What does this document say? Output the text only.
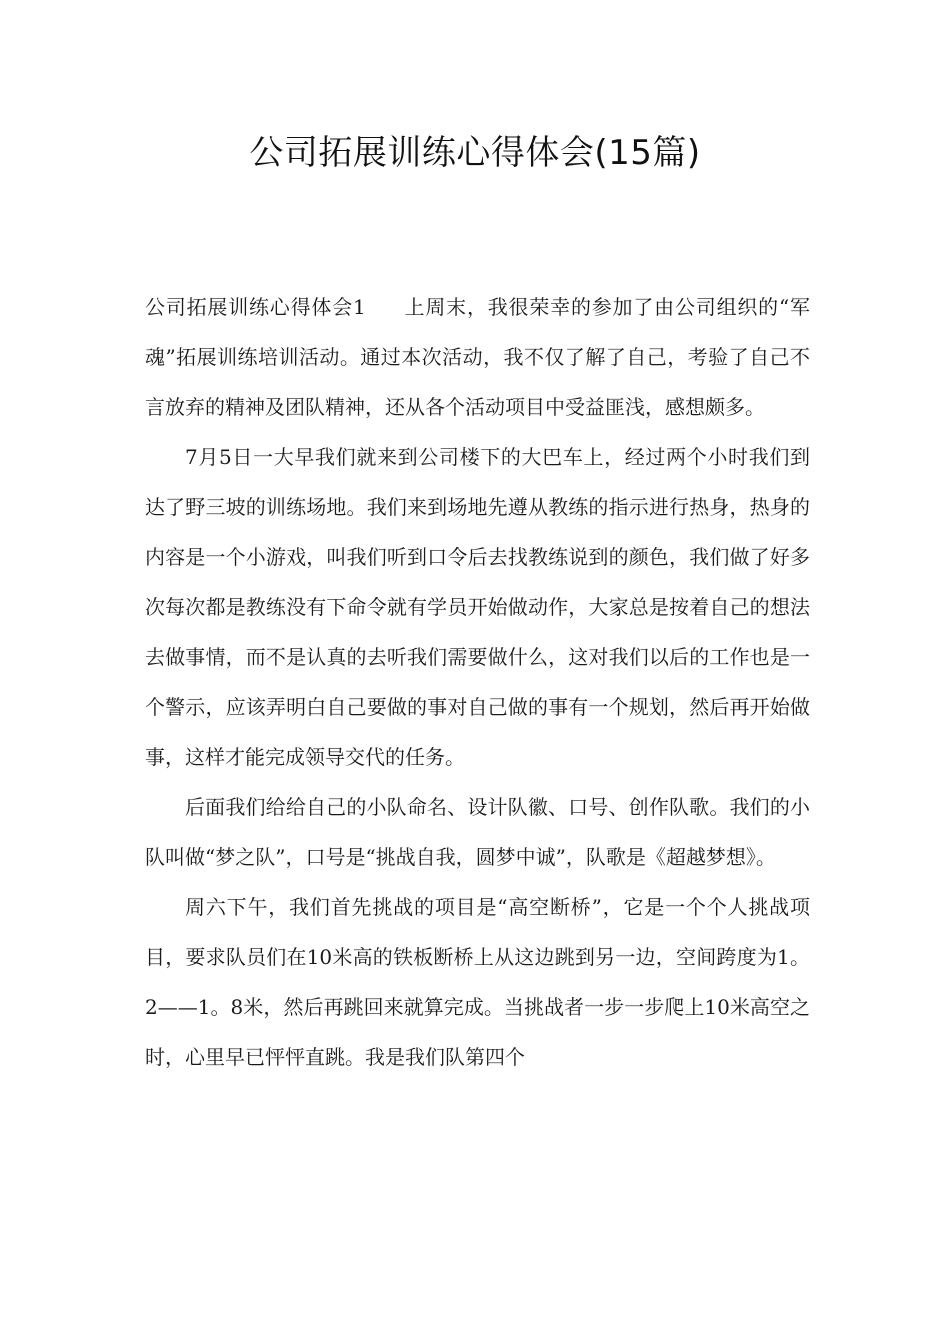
公司拓展训练心得体会(15篇)

公司拓展训练心得体会1 上周末，我很荣幸的参加了由公司组织的“军魂”拓展训练培训活动。通过本次活动，我不仅了解了自己，考验了自己不言放弃的精神及团队精神，还从各个活动项目中受益匪浅，感想颇多。

7月5日一大早我们就来到公司楼下的大巴车上，经过两个小时我们到达了野三坡的训练场地。我们来到场地先遵从教练的指示进行热身，热身的内容是一个小游戏，叫我们听到口令后去找教练说到的颜色，我们做了好多次每次都是教练没有下命令就有学员开始做动作，大家总是按着自己的想法去做事情，而不是认真的去听我们需要做什么，这对我们以后的工作也是一个警示，应该弄明白自己要做的事对自己做的事有一个规划，然后再开始做事，这样才能完成领导交代的任务。

后面我们给给自己的小队命名、设计队徽、口号、创作队歌。我们的小队叫做“梦之队”，口号是“挑战自我，圆梦中诚”，队歌是《超越梦想》。

周六下午，我们首先挑战的项目是“高空断桥”，它是一个个人挑战项目，要求队员们在10米高的铁板断桥上从这边跳到另一边，空间跨度为1。2——1。8米，然后再跳回来就算完成。当挑战者一步一步爬上10米高空之时，心里早已怦怦直跳。我是我们队第四个
